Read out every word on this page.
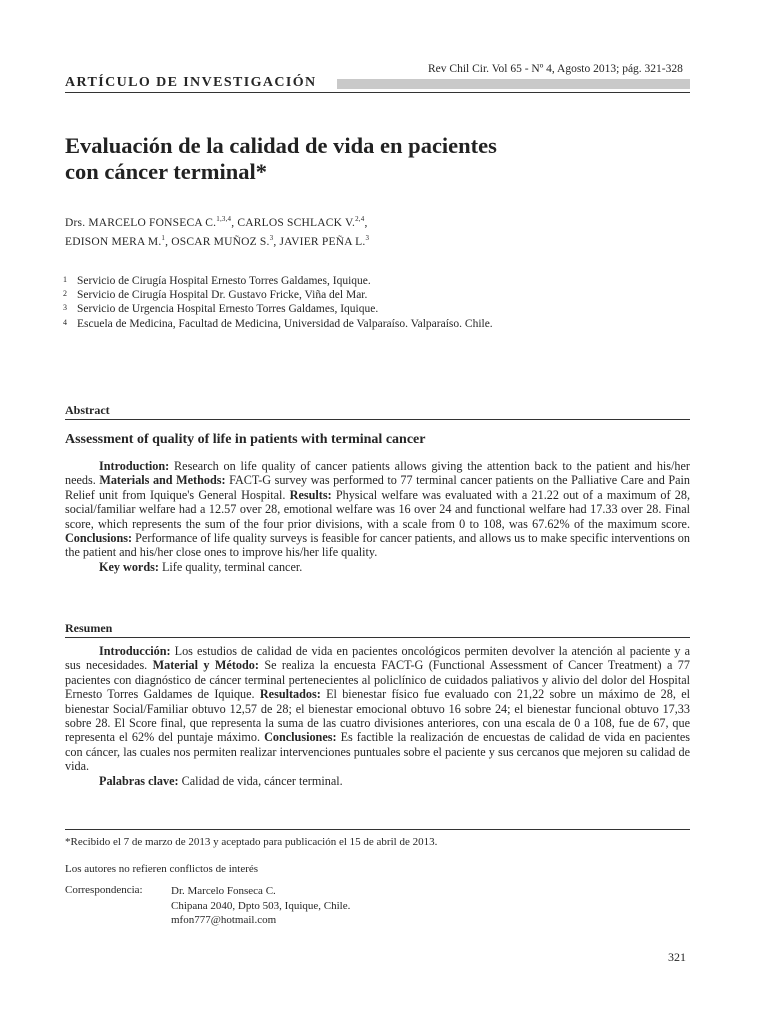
Rev Chil Cir. Vol 65 - Nº 4, Agosto 2013; pág. 321-328
ARTÍCULO DE INVESTIGACIÓN
Evaluación de la calidad de vida en pacientes
con cáncer terminal*
Drs. MARCELO FONSECA C.$^{1,3,4}$, CARLOS SCHLACK V.$^{2,4}$,
EDISON MERA M.$^1$, OSCAR MUÑOZ S.$^3$, JAVIER PEÑA L.$^3$
1 Servicio de Cirugía Hospital Ernesto Torres Galdames, Iquique.
2 Servicio de Cirugía Hospital Dr. Gustavo Fricke, Viña del Mar.
3 Servicio de Urgencia Hospital Ernesto Torres Galdames, Iquique.
4 Escuela de Medicina, Facultad de Medicina, Universidad de Valparaíso. Valparaíso. Chile.
Abstract
Assessment of quality of life in patients with terminal cancer

Introduction: Research on life quality of cancer patients allows giving the attention back to the patient and his/her needs. Materials and Methods: FACT-G survey was performed to 77 terminal cancer patients on the Palliative Care and Pain Relief unit from Iquique's General Hospital. Results: Physical welfare was evaluated with a 21.22 out of a maximum of 28, social/familiar welfare had a 12.57 over 28, emotional welfare was 16 over 24 and functional welfare had 17.33 over 28. Final score, which represents the sum of the four prior divisions, with a scale from 0 to 108, was 67.62% of the maximum score. Conclusions: Performance of life quality surveys is feasible for cancer patients, and allows us to make specific interventions on the patient and his/her close ones to improve his/her life quality.

Key words: Life quality, terminal cancer.

Resumen

Introducción: Los estudios de calidad de vida en pacientes oncológicos permiten devolver la atención al paciente y a sus necesidades. Material y Método: Se realiza la encuesta FACT-G (Functional Assessment of Cancer Treatment) a 77 pacientes con diagnóstico de cáncer terminal pertenecientes al policlínico de cuidados paliativos y alivio del dolor del Hospital Ernesto Torres Galdames de Iquique. Resultados: El bienestar físico fue evaluado con 21,22 sobre un máximo de 28, el bienestar Social/Familiar obtuvo 12,57 de 28; el bienestar emocional obtuvo 16 sobre 24; el bienestar funcional obtuvo 17,33 sobre 28. El Score final, que representa la suma de las cuatro divisiones anteriores, con una escala de 0 a 108, fue de 67, que representa el 62% del puntaje máximo. Conclusiones: Es factible la realización de encuestas de calidad de vida en pacientes con cáncer, las cuales nos permiten realizar intervenciones puntuales sobre el paciente y sus cercanos que mejoren su calidad de vida.

Palabras clave: Calidad de vida, cáncer terminal.

*Recibido el 7 de marzo de 2013 y aceptado para publicación el 15 de abril de 2013.
Los autores no refieren conflictos de interés
Correspondencia:	Dr. Marcelo Fonseca C.
Chipana 2040, Dpto 503, Iquique, Chile.
mfon777@hotmail.com
321
